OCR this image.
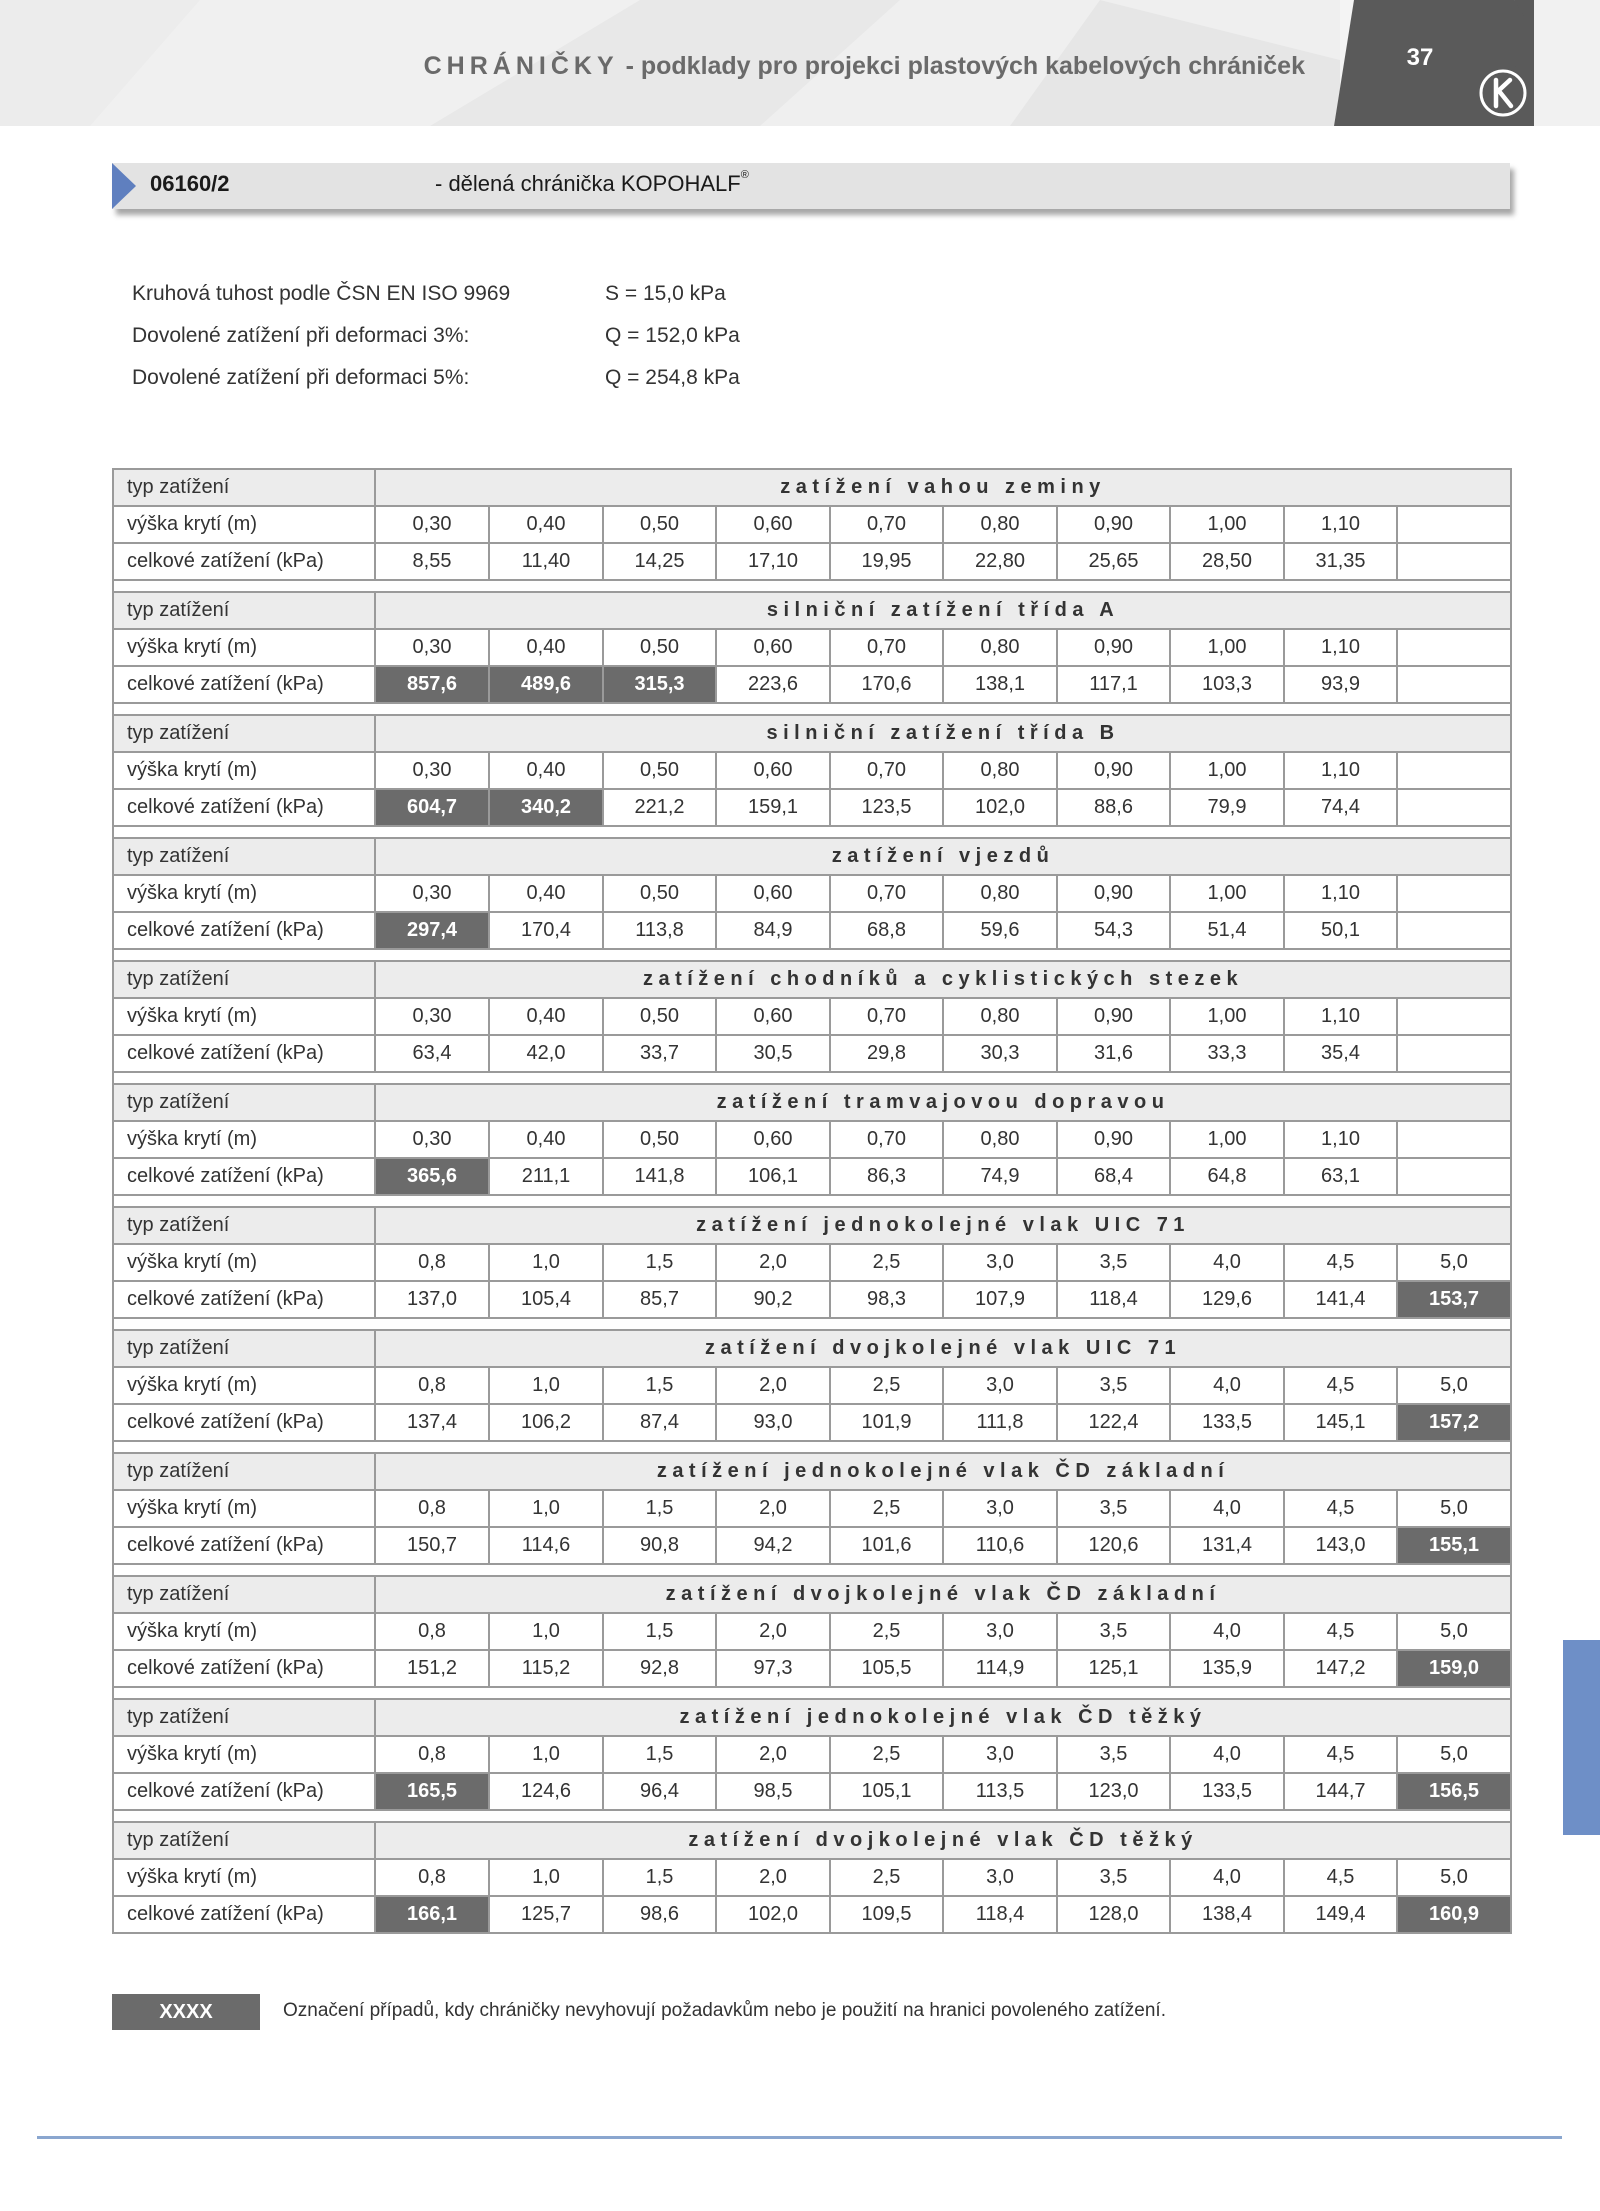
CHRÁNIČKY - podklady pro projekci plastových kabelových chrániček	37
06160/2	- dělená chránička KOPOHALF®
Kruhová tuhost podle ČSN EN ISO 9969	S = 15,0 kPa
Dovolené zatížení při deformaci 3%:	Q = 152,0 kPa
Dovolené zatížení při deformaci 5%:	Q = 254,8 kPa
typ zatížení	zatížení vahou zeminy									
výška krytí (m)	0,30	0,40	0,50	0,60	0,70	0,80	0,90	1,00	1,10	
celkové zatížení (kPa)	8,55	11,40	14,25	17,10	19,95	22,80	25,65	28,50	31,35	

typ zatížení	silniční zatížení třída A									
výška krytí (m)	0,30	0,40	0,50	0,60	0,70	0,80	0,90	1,00	1,10	
celkové zatížení (kPa)	857,6	489,6	315,3	223,6	170,6	138,1	117,1	103,3	93,9	

typ zatížení	silniční zatížení třída B									
výška krytí (m)	0,30	0,40	0,50	0,60	0,70	0,80	0,90	1,00	1,10	
celkové zatížení (kPa)	604,7	340,2	221,2	159,1	123,5	102,0	88,6	79,9	74,4	

typ zatížení	zatížení vjezdů									
výška krytí (m)	0,30	0,40	0,50	0,60	0,70	0,80	0,90	1,00	1,10	
celkové zatížení (kPa)	297,4	170,4	113,8	84,9	68,8	59,6	54,3	51,4	50,1	

typ zatížení	zatížení chodníků a cyklistických stezek									
výška krytí (m)	0,30	0,40	0,50	0,60	0,70	0,80	0,90	1,00	1,10	
celkové zatížení (kPa)	63,4	42,0	33,7	30,5	29,8	30,3	31,6	33,3	35,4	

typ zatížení	zatížení tramvajovou dopravou									
výška krytí (m)	0,30	0,40	0,50	0,60	0,70	0,80	0,90	1,00	1,10	
celkové zatížení (kPa)	365,6	211,1	141,8	106,1	86,3	74,9	68,4	64,8	63,1	

typ zatížení	zatížení jednokolejné vlak UIC 71									
výška krytí (m)	0,8	1,0	1,5	2,0	2,5	3,0	3,5	4,0	4,5	5,0
celkové zatížení (kPa)	137,0	105,4	85,7	90,2	98,3	107,9	118,4	129,6	141,4	153,7

typ zatížení	zatížení dvojkolejné vlak UIC 71									
výška krytí (m)	0,8	1,0	1,5	2,0	2,5	3,0	3,5	4,0	4,5	5,0
celkové zatížení (kPa)	137,4	106,2	87,4	93,0	101,9	111,8	122,4	133,5	145,1	157,2

typ zatížení	zatížení jednokolejné vlak ČD základní									
výška krytí (m)	0,8	1,0	1,5	2,0	2,5	3,0	3,5	4,0	4,5	5,0
celkové zatížení (kPa)	150,7	114,6	90,8	94,2	101,6	110,6	120,6	131,4	143,0	155,1

typ zatížení	zatížení dvojkolejné vlak ČD základní									
výška krytí (m)	0,8	1,0	1,5	2,0	2,5	3,0	3,5	4,0	4,5	5,0
celkové zatížení (kPa)	151,2	115,2	92,8	97,3	105,5	114,9	125,1	135,9	147,2	159,0

typ zatížení	zatížení jednokolejné vlak ČD těžký									
výška krytí (m)	0,8	1,0	1,5	2,0	2,5	3,0	3,5	4,0	4,5	5,0
celkové zatížení (kPa)	165,5	124,6	96,4	98,5	105,1	113,5	123,0	133,5	144,7	156,5

typ zatížení	zatížení dvojkolejné vlak ČD těžký									
výška krytí (m)	0,8	1,0	1,5	2,0	2,5	3,0	3,5	4,0	4,5	5,0
celkové zatížení (kPa)	166,1	125,7	98,6	102,0	109,5	118,4	128,0	138,4	149,4	160,9
XXXX	Označení případů, kdy chráničky nevyhovují požadavkům nebo je použití na hranici povoleného zatížení.
